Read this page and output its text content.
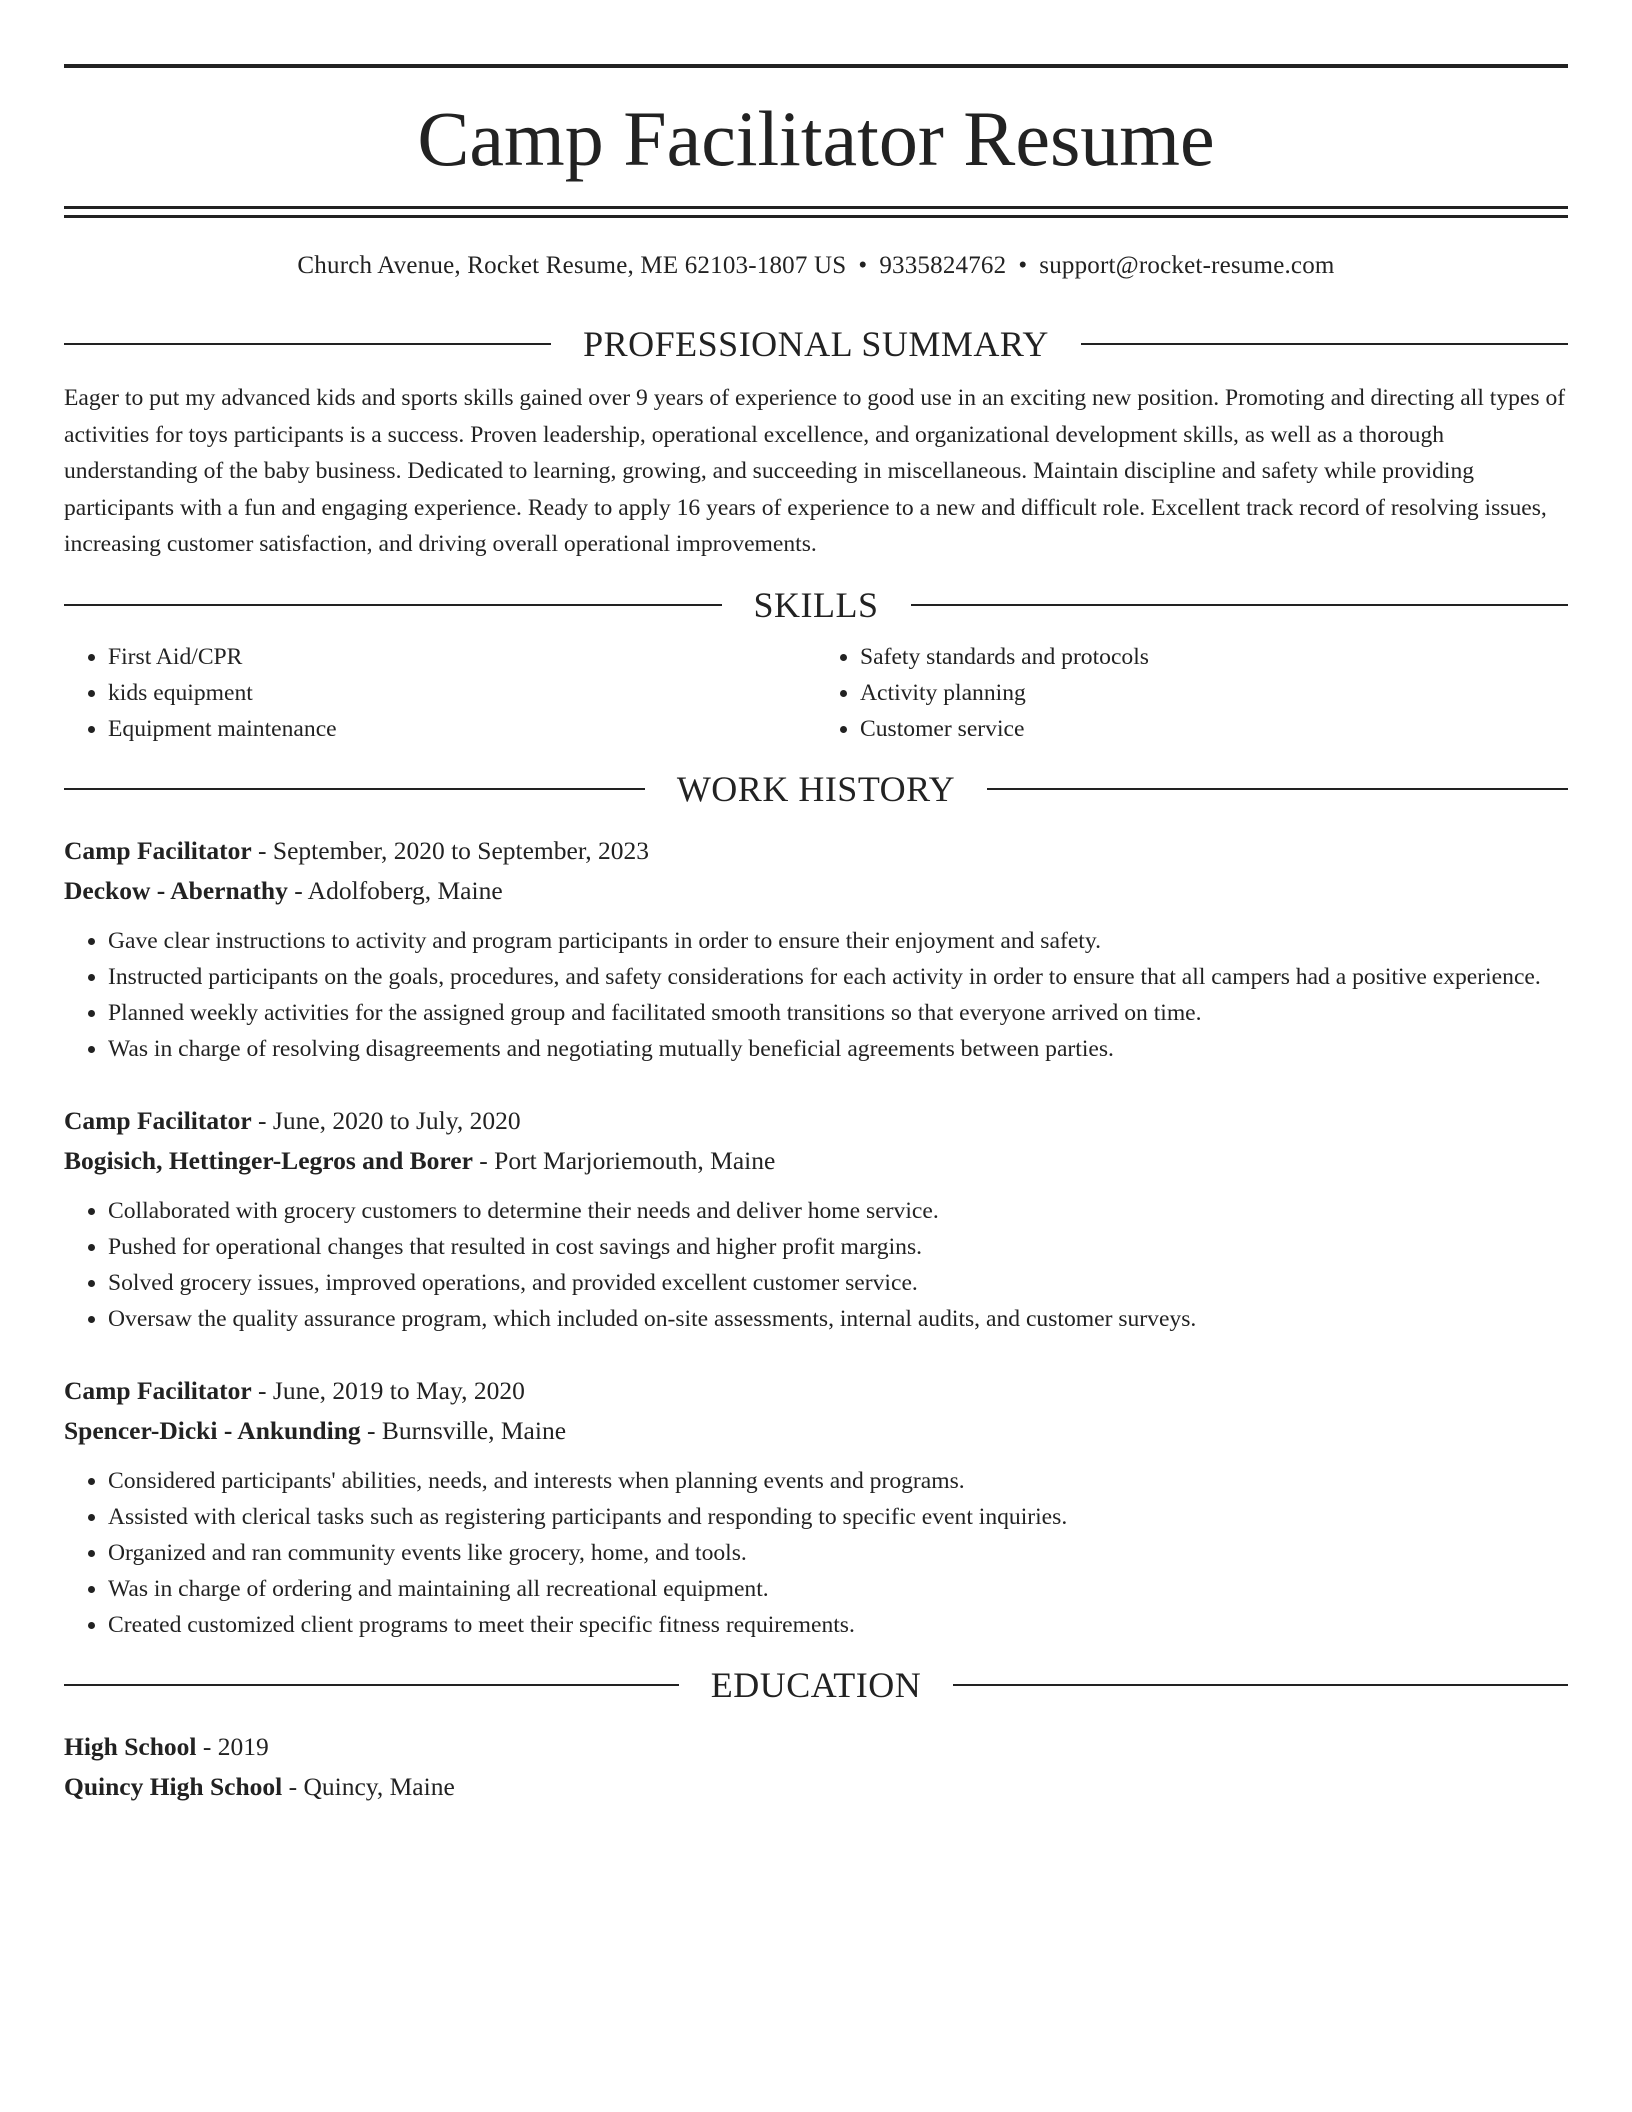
Camp Facilitator Resume
Church Avenue, Rocket Resume, ME 62103-1807 US • 9335824762 • support@rocket-resume.com
PROFESSIONAL SUMMARY

Eager to put my advanced kids and sports skills gained over 9 years of experience to good use in an exciting new position. Promoting and directing all types of activities for toys participants is a success. Proven leadership, operational excellence, and organizational development skills, as well as a thorough understanding of the baby business. Dedicated to learning, growing, and succeeding in miscellaneous. Maintain discipline and safety while providing participants with a fun and engaging experience. Ready to apply 16 years of experience to a new and difficult role. Excellent track record of resolving issues, increasing customer satisfaction, and driving overall operational improvements.

SKILLS
• First Aid/CPR
• kids equipment
• Equipment maintenance
• Safety standards and protocols
• Activity planning
• Customer service
WORK HISTORY
Camp Facilitator - September, 2020 to September, 2023
Deckow - Abernathy - Adolfoberg, Maine
• Gave clear instructions to activity and program participants in order to ensure their enjoyment and safety.
• Instructed participants on the goals, procedures, and safety considerations for each activity in order to ensure that all campers had a positive experience.
• Planned weekly activities for the assigned group and facilitated smooth transitions so that everyone arrived on time.
• Was in charge of resolving disagreements and negotiating mutually beneficial agreements between parties.
Camp Facilitator - June, 2020 to July, 2020
Bogisich, Hettinger-Legros and Borer - Port Marjoriemouth, Maine
• Collaborated with grocery customers to determine their needs and deliver home service.
• Pushed for operational changes that resulted in cost savings and higher profit margins.
• Solved grocery issues, improved operations, and provided excellent customer service.
• Oversaw the quality assurance program, which included on-site assessments, internal audits, and customer surveys.
Camp Facilitator - June, 2019 to May, 2020
Spencer-Dicki - Ankunding - Burnsville, Maine
• Considered participants' abilities, needs, and interests when planning events and programs.
• Assisted with clerical tasks such as registering participants and responding to specific event inquiries.
• Organized and ran community events like grocery, home, and tools.
• Was in charge of ordering and maintaining all recreational equipment.
• Created customized client programs to meet their specific fitness requirements.
EDUCATION
High School - 2019
Quincy High School - Quincy, Maine
